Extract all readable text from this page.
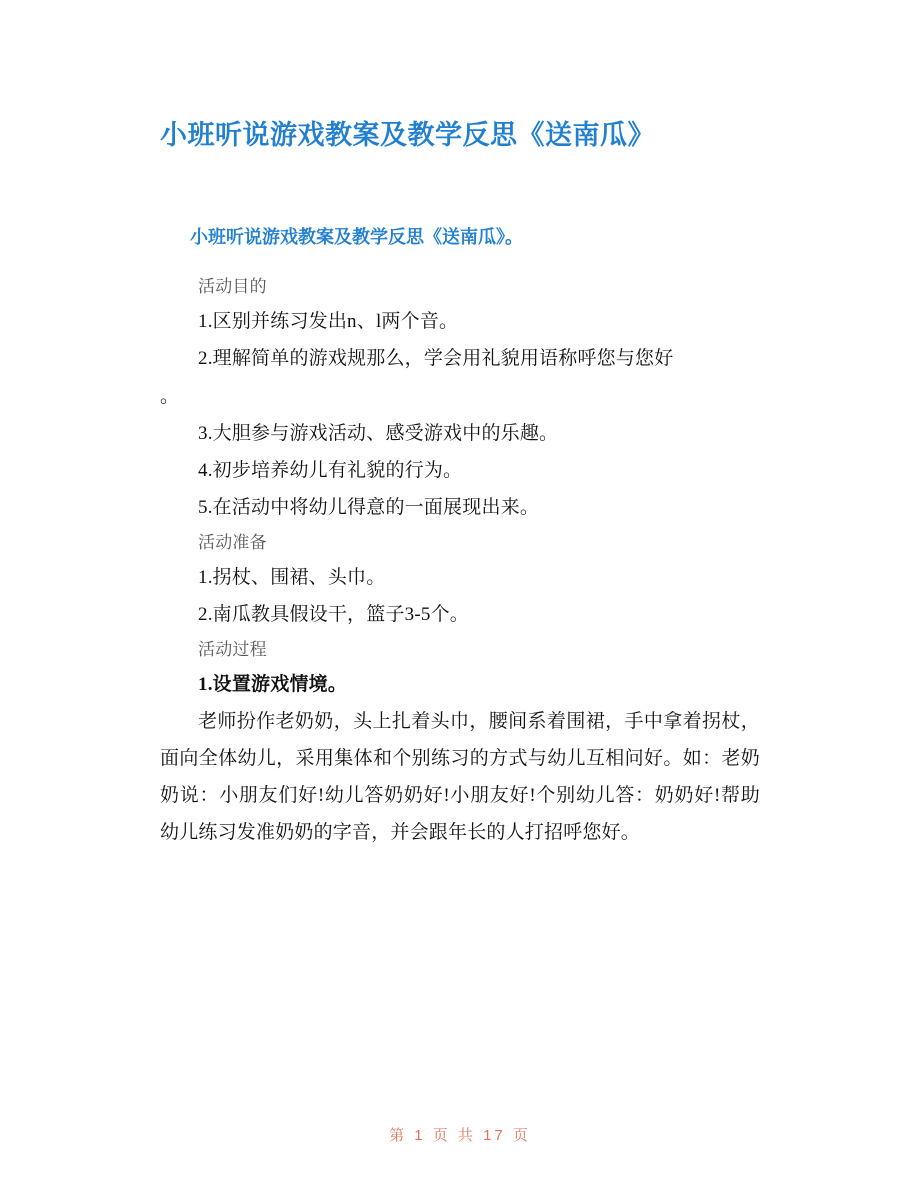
小班听说游戏教案及教学反思《送南瓜》
小班听说游戏教案及教学反思《送南瓜》。

活动目的

1.区别并练习发出n、l两个音。

2.理解简单的游戏规那么，学会用礼貌用语称呼您与您好

。

3.大胆参与游戏活动、感受游戏中的乐趣。

4.初步培养幼儿有礼貌的行为。

5.在活动中将幼儿得意的一面展现出来。

活动准备

1.拐杖、围裙、头巾。

2.南瓜教具假设干，篮子3-5个。

活动过程

1.设置游戏情境。

老师扮作老奶奶，头上扎着头巾，腰间系着围裙，手中拿着拐杖，面向全体幼儿，采用集体和个别练习的方式与幼儿互相问好。如：老奶奶说：小朋友们好!幼儿答奶奶好!小朋友好!个别幼儿答：奶奶好!帮助幼儿练习发准奶奶的字音，并会跟年长的人打招呼您好。

第 1 页 共 17 页
